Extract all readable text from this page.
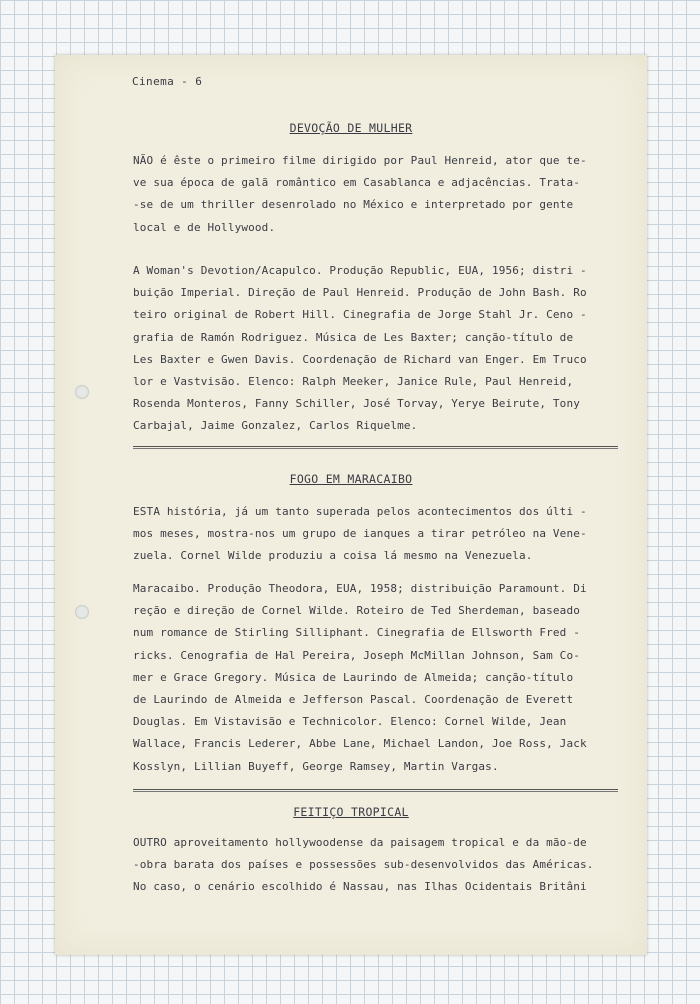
Cinema - 6
DEVOÇÃO DE MULHER
NÃO é êste o primeiro filme dirigido por Paul Henreid, ator que te-
ve sua época de galã romântico em Casablanca e adjacências. Trata-
-se de um thriller desenrolado no México e interpretado por gente
local e de Hollywood.
A Woman's Devotion/Acapulco. Produção Republic, EUA, 1956; distri -
buição Imperial. Direção de Paul Henreid. Produção de John Bash. Ro
teiro original de Robert Hill. Cinegrafia de Jorge Stahl Jr. Ceno -
grafia de Ramón Rodriguez. Música de Les Baxter; canção-título de
Les Baxter e Gwen Davis. Coordenação de Richard van Enger. Em Truco
lor e Vastvisão. Elenco: Ralph Meeker, Janice Rule, Paul Henreid,
Rosenda Monteros, Fanny Schiller, José Torvay, Yerye Beirute, Tony
Carbajal, Jaime Gonzalez, Carlos Riquelme.
FOGO EM MARACAIBO
ESTA história, já um tanto superada pelos acontecimentos dos últi -
mos meses, mostra-nos um grupo de ianques a tirar petróleo na Vene-
zuela. Cornel Wilde produziu a coisa lá mesmo na Venezuela.
Maracaibo. Produção Theodora, EUA, 1958; distribuição Paramount. Di
reção e direção de Cornel Wilde. Roteiro de Ted Sherdeman, baseado
num romance de Stirling Silliphant. Cinegrafia de Ellsworth Fred -
ricks. Cenografia de Hal Pereira, Joseph McMillan Johnson, Sam Co-
mer e Grace Gregory. Música de Laurindo de Almeida; canção-título
de Laurindo de Almeida e Jefferson Pascal. Coordenação de Everett
Douglas. Em Vistavisão e Technicolor. Elenco: Cornel Wilde, Jean
Wallace, Francis Lederer, Abbe Lane, Michael Landon, Joe Ross, Jack
Kosslyn, Lillian Buyeff, George Ramsey, Martin Vargas.
FEITIÇO TROPICAL
OUTRO aproveitamento hollywoodense da paisagem tropical e da mão-de
-obra barata dos países e possessões sub-desenvolvidos das Américas.
No caso, o cenário escolhido é Nassau, nas Ilhas Ocidentais Britâni
